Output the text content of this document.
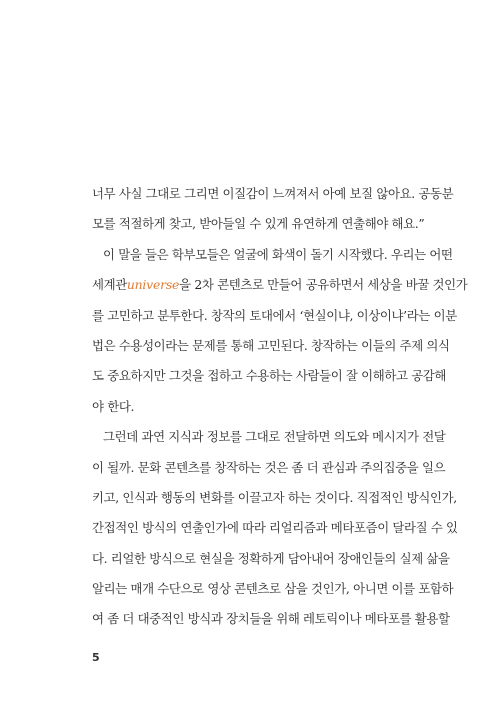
너무 사실 그대로 그리면 이질감이 느껴져서 아예 보질 않아요. 공동분
모를 적절하게 찾고, 받아들일 수 있게 유연하게 연출해야 해요.”
이 말을 들은 학부모들은 얼굴에 화색이 돌기 시작했다. 우리는 어떤
세계관universe을 2차 콘텐츠로 만들어 공유하면서 세상을 바꿀 것인가
를 고민하고 분투한다. 창작의 토대에서 ‘현실이냐, 이상이냐’라는 이분
법은 수용성이라는 문제를 통해 고민된다. 창작하는 이들의 주제 의식
도 중요하지만 그것을 접하고 수용하는 사람들이 잘 이해하고 공감해
야 한다.
그런데 과연 지식과 정보를 그대로 전달하면 의도와 메시지가 전달
이 될까. 문화 콘텐츠를 창작하는 것은 좀 더 관심과 주의집중을 일으
키고, 인식과 행동의 변화를 이끌고자 하는 것이다. 직접적인 방식인가,
간접적인 방식의 연출인가에 따라 리얼리즘과 메타포즘이 달라질 수 있
다. 리얼한 방식으로 현실을 정확하게 담아내어 장애인들의 실제 삶을
알리는 매개 수단으로 영상 콘텐츠로 삼을 것인가, 아니면 이를 포함하
여 좀 더 대중적인 방식과 장치들을 위해 레토릭이나 메타포를 활용할
5
